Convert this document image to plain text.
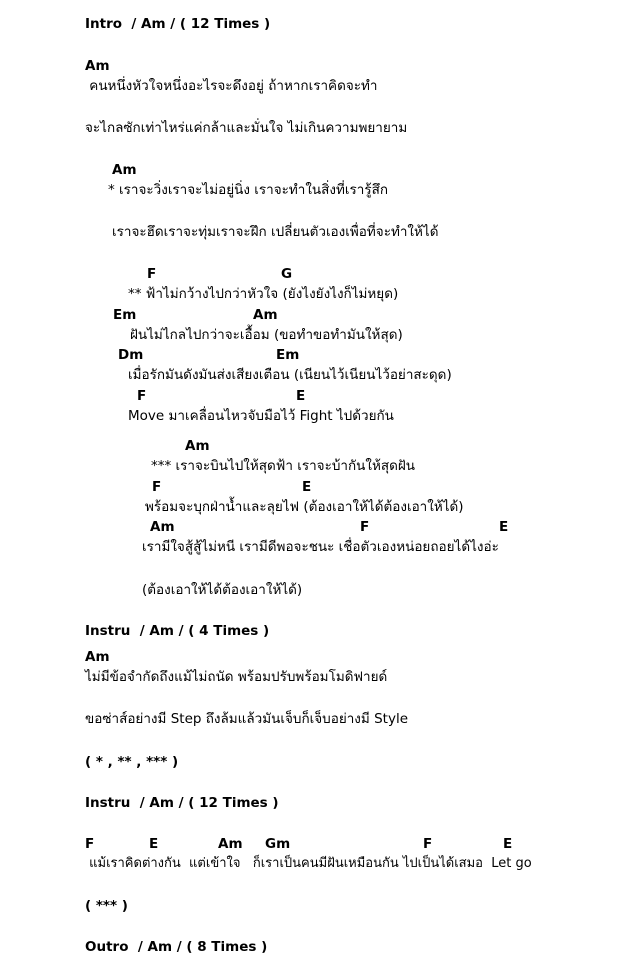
Intro  / Am / ( 12 Times )
Am
คนหนึ่งหัวใจหนึ่งอะไรจะดึงอยู่ ถ้าหากเราคิดจะทำ
จะไกลซักเท่าไหร่แค่กล้าและมั่นใจ ไม่เกินความพยายาม
Am
* เราจะวิ่งเราจะไม่อยู่นิ่ง เราจะทำในสิ่งที่เรารู้สึก
เราจะฮึดเราจะทุ่มเราจะฝึก เปลี่ยนตัวเองเพื่อที่จะทำให้ได้
F	G
** ฟ้าไม่กว้างไปกว่าหัวใจ (ยังไงยังไงก็ไม่หยุด)
Em	Am
ฝันไม่ไกลไปกว่าจะเอื้อม (ขอทำขอทำมันให้สุด)
Dm	Em
เมื่อรักมันดังมันส่งเสียงเตือน (เนียนไว้เนียนไว้อย่าสะดุด)
F	E
Move มาเคลื่อนไหวจับมือไว้ Fight ไปด้วยกัน
Am
*** เราจะบินไปให้สุดฟ้า เราจะบ้ากันให้สุดฝัน
F	E
พร้อมจะบุกฝ่าน้ำและลุยไฟ (ต้องเอาให้ได้ต้องเอาให้ได้)
Am	F	E
เรามีใจสู้สู้ไม่หนี เรามีดีพอจะชนะ เชื่อตัวเองหน่อยถอยได้ไงอ่ะ
(ต้องเอาให้ได้ต้องเอาให้ได้)
Instru  / Am / ( 4 Times )
Am
ไม่มีข้อจำกัดถึงแม้ไม่ถนัด พร้อมปรับพร้อมโมดิฟายด์
ขอซ่าส์อย่างมี Step ถึงล้มแล้วมันเจ็บก็เจ็บอย่างมี Style
( * , ** , *** )
Instru  / Am / ( 12 Times )
F	E	Am Gm	F	E
แม้เราคิดต่างกัน  แต่เข้าใจ   ก็เราเป็นคนมีฝันเหมือนกัน ไปเป็นได้เสมอ  Let go
( *** )
Outro  / Am / ( 8 Times )
